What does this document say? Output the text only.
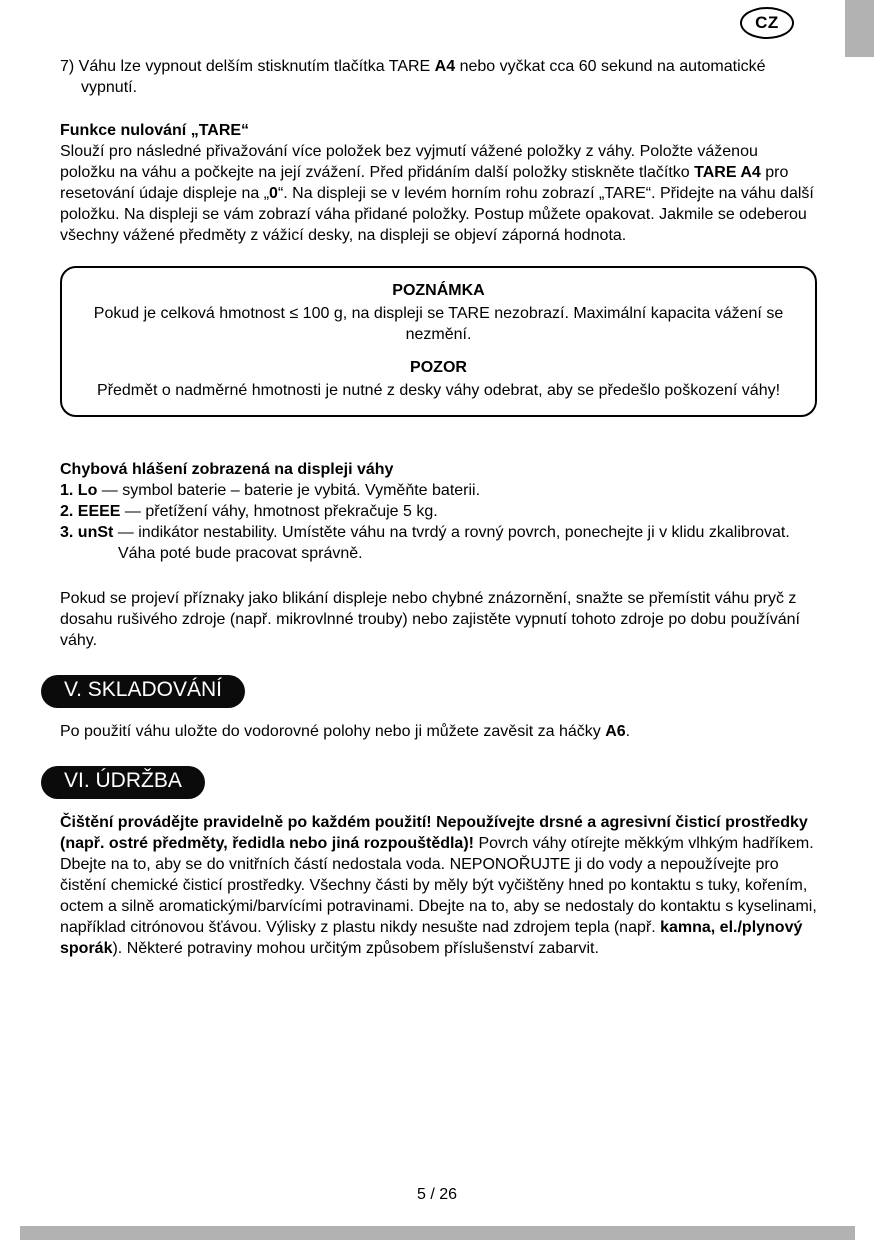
CZ

7) Váhu lze vypnout delším stisknutím tlačítka TARE A4 nebo vyčkat cca 60 sekund na automatické vypnutí.

Funkce nulování „TARE“

Slouží pro následné přivažování více položek bez vyjmutí vážené položky z váhy. Položte váženou položku na váhu a počkejte na její zvážení. Před přidáním další položky stiskněte tlačítko TARE A4 pro resetování údaje displeje na „0“. Na displeji se v levém horním rohu zobrazí „TARE“. Přidejte na váhu další položku. Na displeji se vám zobrazí váha přidané položky. Postup můžete opakovat. Jakmile se odeberou všechny vážené předměty z vážicí desky, na displeji se objeví záporná hodnota.

POZNÁMKA

Pokud je celková hmotnost ≤ 100 g, na displeji se TARE nezobrazí. Maximální kapacita vážení se nezmění.

POZOR

Předmět o nadměrné hmotnosti je nutné z desky váhy odebrat, aby se předešlo poškození váhy!

Chybová hlášení zobrazená na displeji váhy

1. Lo — symbol baterie – baterie je vybitá. Vyměňte baterii.

2. EEEE — přetížení váhy, hmotnost překračuje 5 kg.

3. unSt — indikátor nestability. Umístěte váhu na tvrdý a rovný povrch, ponechejte ji v klidu zkalibrovat. Váha poté bude pracovat správně.

Pokud se projeví příznaky jako blikání displeje nebo chybné znázornění, snažte se přemístit váhu pryč z dosahu rušivého zdroje (např. mikrovlnné trouby) nebo zajistěte vypnutí tohoto zdroje po dobu používání váhy.

V. SKLADOVÁNÍ

Po použití váhu uložte do vodorovné polohy nebo ji můžete zavěsit za háčky A6.

VI. ÚDRŽBA

Čištění provádějte pravidelně po každém použití! Nepoužívejte drsné a agresivní čisticí prostředky (např. ostré předměty, ředidla nebo jiná rozpouštědla)! Povrch váhy otírejte měkkým vlhkým hadříkem. Dbejte na to, aby se do vnitřních částí nedostala voda. NEPONOŘUJTE ji do vody a nepoužívejte pro čistění chemické čisticí prostředky. Všechny části by měly být vyčištěny hned po kontaktu s tuky, kořením, octem a silně aromatickými/barvícími potravinami. Dbejte na to, aby se nedostaly do kontaktu s kyselinami, například citrónovou šťávou. Výlisky z plastu nikdy nesušte nad zdrojem tepla (např. kamna, el./plynový sporák). Některé potraviny mohou určitým způsobem příslušenství zabarvit.

5 / 26
